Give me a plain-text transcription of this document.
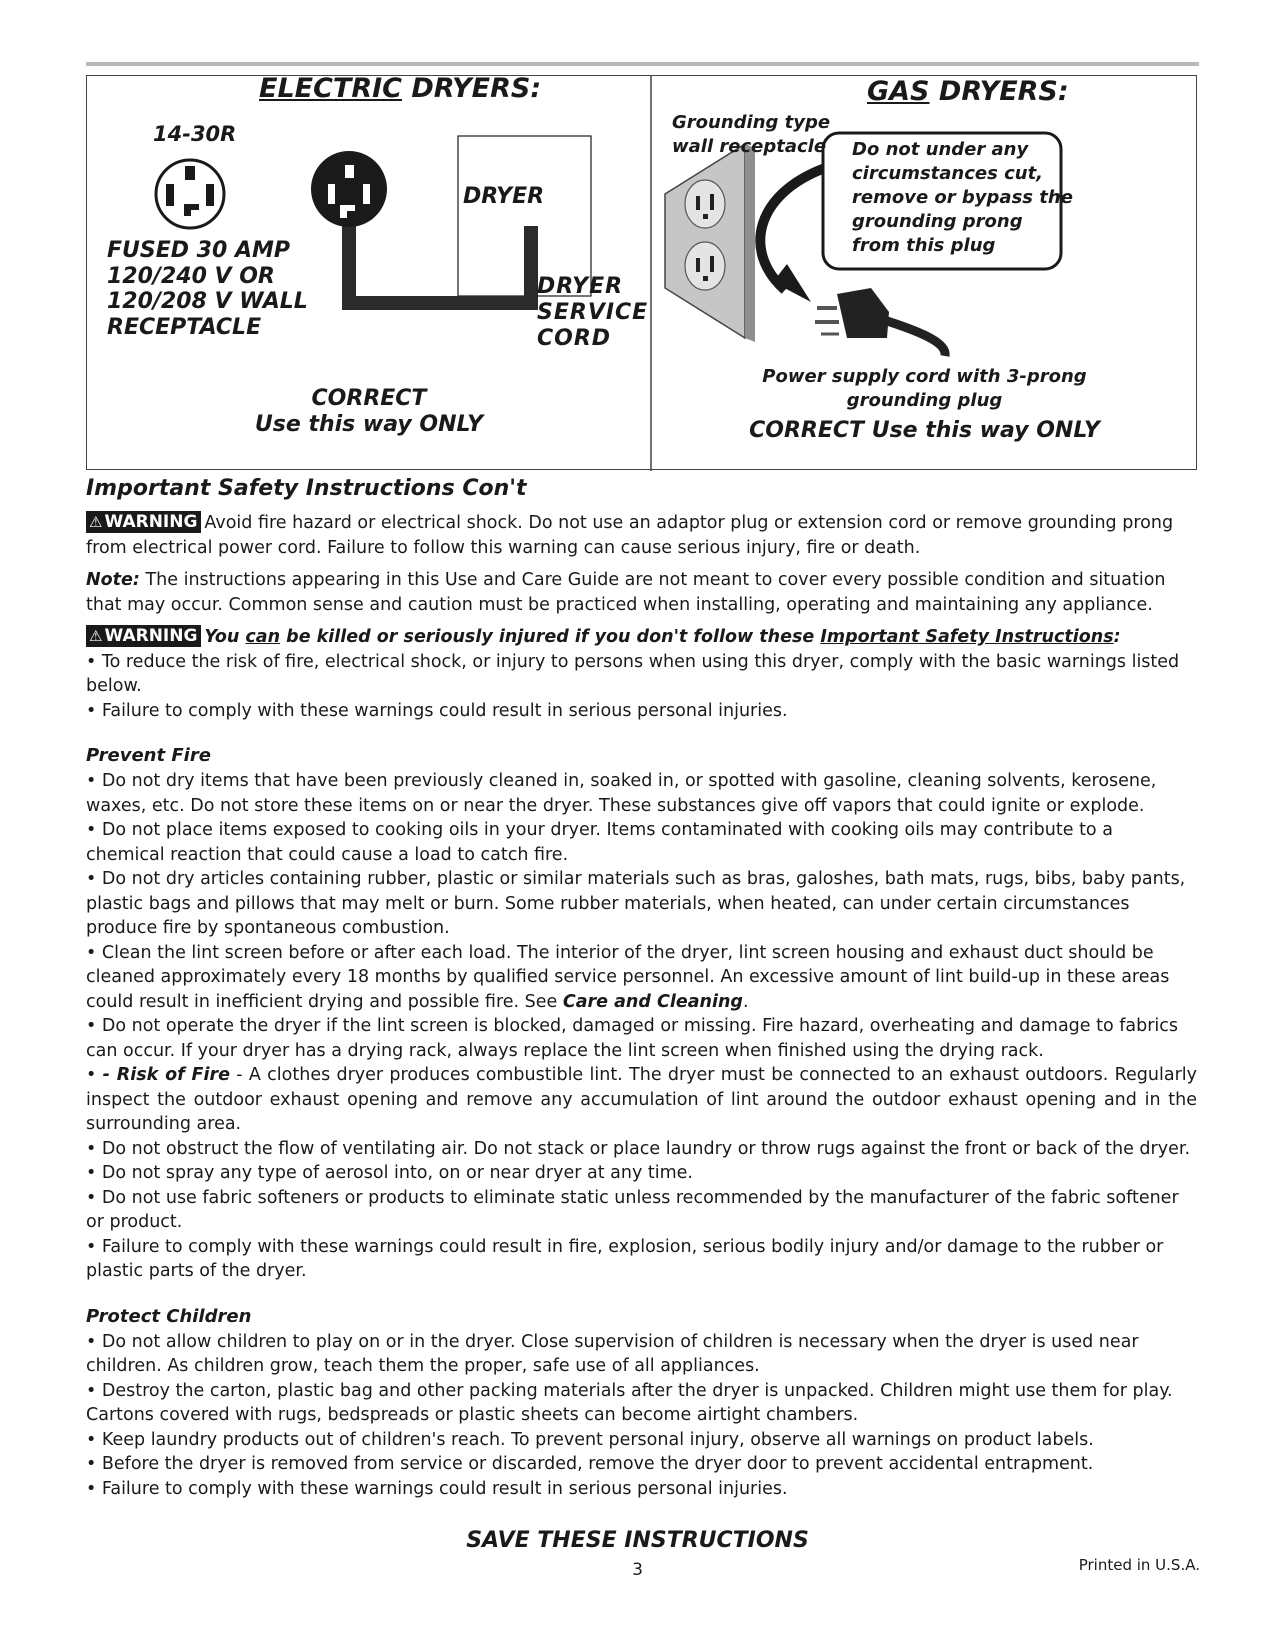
ELECTRIC DRYERS:
14-30R
FUSED 30 AMP
120/240 V OR
120/208 V WALL
RECEPTACLE
DRYER
DRYER
SERVICE
CORD
CORRECT
Use this way ONLY
GAS DRYERS:
Grounding type
wall receptacle Do not under any
circumstances cut,
remove or bypass the
grounding prong
from this plug
Power supply cord with 3-prong
grounding plug
CORRECT Use this way ONLY
Important Safety Instructions Con't

⚠ WARNING Avoid fire hazard or electrical shock. Do not use an adaptor plug or extension cord or remove grounding prong from electrical power cord. Failure to follow this warning can cause serious injury, fire or death.

Note: The instructions appearing in this Use and Care Guide are not meant to cover every possible condition and situation that may occur. Common sense and caution must be practiced when installing, operating and maintaining any appliance.

⚠ WARNING You can be killed or seriously injured if you don't follow these Important Safety Instructions:

• To reduce the risk of fire, electrical shock, or injury to persons when using this dryer, comply with the basic warnings listed below.

• Failure to comply with these warnings could result in serious personal injuries.

Prevent Fire

• Do not dry items that have been previously cleaned in, soaked in, or spotted with gasoline, cleaning solvents, kerosene, waxes, etc. Do not store these items on or near the dryer. These substances give off vapors that could ignite or explode.

• Do not place items exposed to cooking oils in your dryer. Items contaminated with cooking oils may contribute to a chemical reaction that could cause a load to catch fire.

• Do not dry articles containing rubber, plastic or similar materials such as bras, galoshes, bath mats, rugs, bibs, baby pants, plastic bags and pillows that may melt or burn. Some rubber materials, when heated, can under certain circumstances produce fire by spontaneous combustion.

• Clean the lint screen before or after each load. The interior of the dryer, lint screen housing and exhaust duct should be cleaned approximately every 18 months by qualified service personnel. An excessive amount of lint build-up in these areas could result in inefficient drying and possible fire. See Care and Cleaning.

• Do not operate the dryer if the lint screen is blocked, damaged or missing. Fire hazard, overheating and damage to fabrics can occur. If your dryer has a drying rack, always replace the lint screen when finished using the drying rack.

• - Risk of Fire - A clothes dryer produces combustible lint. The dryer must be connected to an exhaust outdoors. Regularly inspect the outdoor exhaust opening and remove any accumulation of lint around the outdoor exhaust opening and in the surrounding area.

• Do not obstruct the flow of ventilating air. Do not stack or place laundry or throw rugs against the front or back of the dryer.

• Do not spray any type of aerosol into, on or near dryer at any time.

• Do not use fabric softeners or products to eliminate static unless recommended by the manufacturer of the fabric softener or product.

• Failure to comply with these warnings could result in fire, explosion, serious bodily injury and/or damage to the rubber or plastic parts of the dryer.

Protect Children

• Do not allow children to play on or in the dryer. Close supervision of children is necessary when the dryer is used near children. As children grow, teach them the proper, safe use of all appliances.

• Destroy the carton, plastic bag and other packing materials after the dryer is unpacked. Children might use them for play. Cartons covered with rugs, bedspreads or plastic sheets can become airtight chambers.

• Keep laundry products out of children's reach. To prevent personal injury, observe all warnings on product labels.

• Before the dryer is removed from service or discarded, remove the dryer door to prevent accidental entrapment.

• Failure to comply with these warnings could result in serious personal injuries.

SAVE THESE INSTRUCTIONS
3	Printed in U.S.A.
